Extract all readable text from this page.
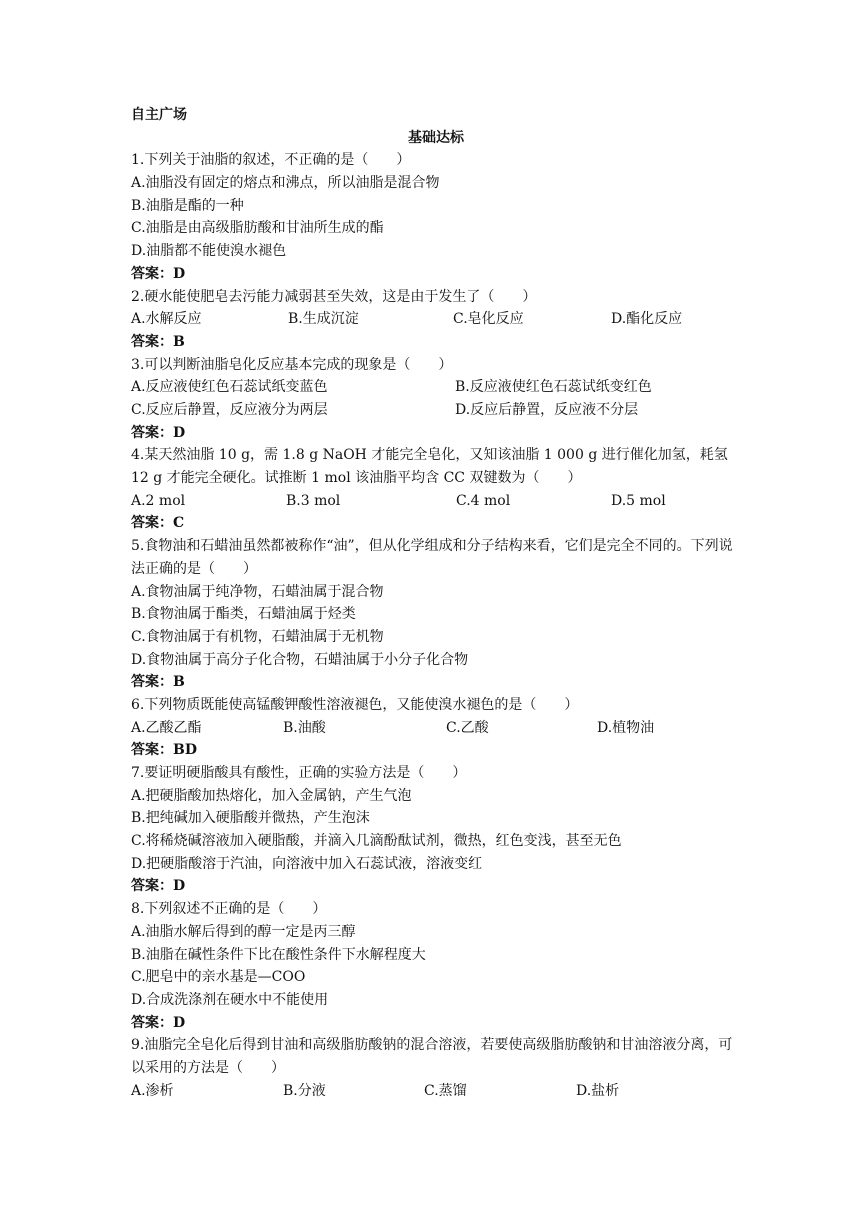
自主广场
基础达标
1.下列关于油脂的叙述，不正确的是（　　）
A.油脂没有固定的熔点和沸点，所以油脂是混合物
B.油脂是酯的一种
C.油脂是由高级脂肪酸和甘油所生成的酯
D.油脂都不能使溴水褪色
答案：D
2.硬水能使肥皂去污能力减弱甚至失效，这是由于发生了（　　）
A.水解反应	B.生成沉淀	C.皂化反应	D.酯化反应
答案：B
3.可以判断油脂皂化反应基本完成的现象是（　　）
A.反应液使红色石蕊试纸变蓝色	B.反应液使红色石蕊试纸变红色
C.反应后静置，反应液分为两层	D.反应后静置，反应液不分层
答案：D
4.某天然油脂 10 g，需 1.8 g NaOH 才能完全皂化，又知该油脂 1 000 g 进行催化加氢，耗氢 12 g 才能完全硬化。试推断 1 mol 该油脂平均含 CC 双键数为（　　）
A.2 mol	B.3 mol	C.4 mol	D.5 mol
答案：C
5.食物油和石蜡油虽然都被称作“油”，但从化学组成和分子结构来看，它们是完全不同的。下列说法正确的是（　　）
A.食物油属于纯净物，石蜡油属于混合物
B.食物油属于酯类，石蜡油属于烃类
C.食物油属于有机物，石蜡油属于无机物
D.食物油属于高分子化合物，石蜡油属于小分子化合物
答案：B
6.下列物质既能使高锰酸钾酸性溶液褪色，又能使溴水褪色的是（　　）
A.乙酸乙酯	B.油酸	C.乙酸	D.植物油
答案：BD
7.要证明硬脂酸具有酸性，正确的实验方法是（　　）
A.把硬脂酸加热熔化，加入金属钠，产生气泡
B.把纯碱加入硬脂酸并微热，产生泡沫
C.将稀烧碱溶液加入硬脂酸，并滴入几滴酚酞试剂，微热，红色变浅，甚至无色
D.把硬脂酸溶于汽油，向溶液中加入石蕊试液，溶液变红
答案：D
8.下列叙述不正确的是（　　）
A.油脂水解后得到的醇一定是丙三醇
B.油脂在碱性条件下比在酸性条件下水解程度大
C.肥皂中的亲水基是—COO
D.合成洗涤剂在硬水中不能使用
答案：D
9.油脂完全皂化后得到甘油和高级脂肪酸钠的混合溶液，若要使高级脂肪酸钠和甘油溶液分离，可以采用的方法是（　　）
A.渗析	B.分液	C.蒸馏	D.盐析
